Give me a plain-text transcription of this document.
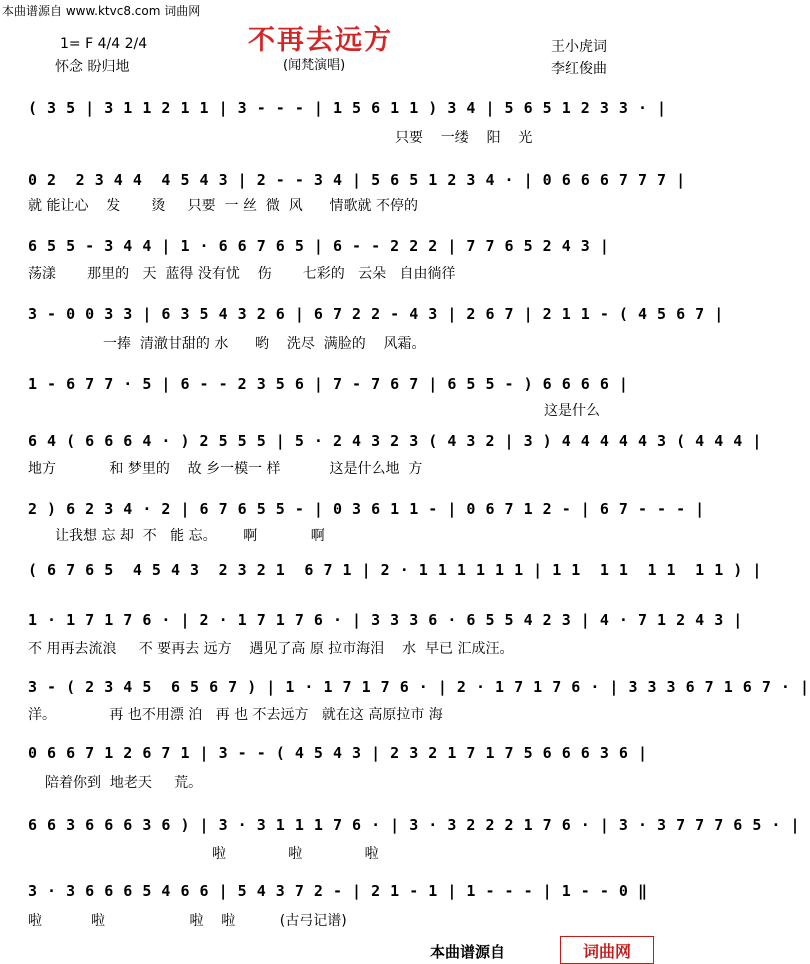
本曲谱源自 www.ktvc8.com 词曲网
不再去远方
(闻梵演唱)
1= F 4/4 2/4
怀念 盼归地
王小虎词
李红俊曲
( 3 5 | 3 1 1 2 1 1 | 3 - - - | 1 5 6 1 1 ) 3 4 | 5 6 5 1 2 3 3 · |
只要    一缕    阳    光
0 2  2 3 4 4  4 5 4 3 | 2 - - 3 4 | 5 6 5 1 2 3 4 · | 0 6 6 6 7 7 7 |
就 能让心    发       烫     只要  一 丝  微  风      情歌就 不停的
6 5 5 - 3 4 4 | 1 · 6 6 7 6 5 | 6 - - 2 2 2 | 7 7 6 5 2 4 3 |
荡漾       那里的   天  蓝得 没有忧    伤       七彩的   云朵   自由徜徉
3 - 0 0 3 3 | 6 3 5 4 3 2 6 | 6 7 2 2 - 4 3 | 2 6 7 | 2 1 1 - ( 4 5 6 7 |
一捧  清澈甘甜的 水      哟    洗尽  满脸的    风霜。
1 - 6 7 7 · 5 | 6 - - 2 3 5 6 | 7 - 7 6 7 | 6 5 5 - ) 6 6 6 6 |
这是什么
6 4 ( 6 6 6 4 · ) 2 5 5 5 | 5 · 2 4 3 2 3 ( 4 3 2 | 3 ) 4 4 4 4 4 3 ( 4 4 4 |
地方            和 梦里的    故 乡一模一 样           这是什么地  方
2 ) 6 2 3 4 · 2 | 6 7 6 5 5 - | 0 3 6 1 1 - | 0 6 7 1 2 - | 6 7 - - - |
让我想 忘 却  不   能 忘。      啊            啊
( 6 7 6 5  4 5 4 3  2 3 2 1  6 7 1 | 2 · 1 1 1 1 1 1 | 1 1  1 1  1 1  1 1 ) |
1 · 1 7 1 7 6 · | 2 · 1 7 1 7 6 · | 3 3 3 6 · 6 5 5 4 2 3 | 4 · 7 1 2 4 3 |
不 用再去流浪     不 要再去 远方    遇见了高 原 拉市海泪    水  早已 汇成汪。
3 - ( 2 3 4 5  6 5 6 7 ) | 1 · 1 7 1 7 6 · | 2 · 1 7 1 7 6 · | 3 3 3 6 7 1 6 7 · |
洋。            再 也不用漂 泊   再 也 不去远方   就在这 高原拉市 海
0 6 6 7 1 2 6 7 1 | 3 - - ( 4 5 4 3 | 2 3 2 1 7 1 7 5 6 6 6 3 6 |
陪着你到  地老天     荒。
6 6 3 6 6 6 3 6 ) | 3 · 3 1 1 1 7 6 · | 3 · 3 2 2 2 1 7 6 · | 3 · 3 7 7 7 6 5 · |
啦              啦              啦
3 · 3 6 6 6 5 4 6 6 | 5 4 3 7 2 - | 2 1 - 1 | 1 - - - | 1 - - 0 ‖
啦           啦                   啦    啦          (古弓记谱)
本曲谱源自	词曲网
